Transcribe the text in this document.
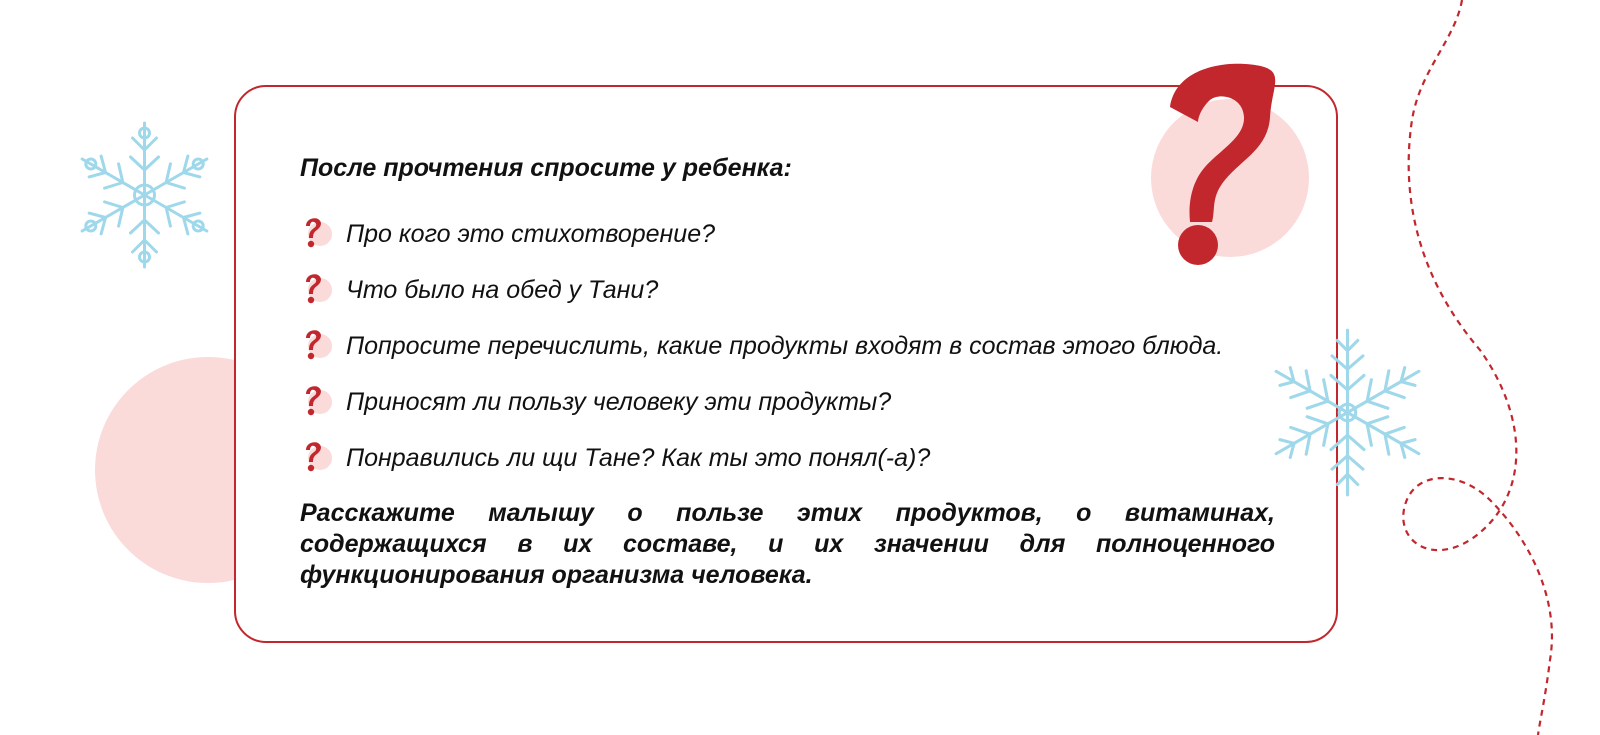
После прочтения спросите у ребенка:
Про кого это стихотворение?
Что было на обед у Тани?
Попросите перечислить, какие продукты входят в состав этого блюда.
Приносят ли пользу человеку эти продукты?
Понравились ли щи Тане? Как ты это понял(-а)?
Расскажите малышу о пользе этих продуктов, о витаминах, содержащихся в их составе, и их значении для полноценного функционирования организма человека.
